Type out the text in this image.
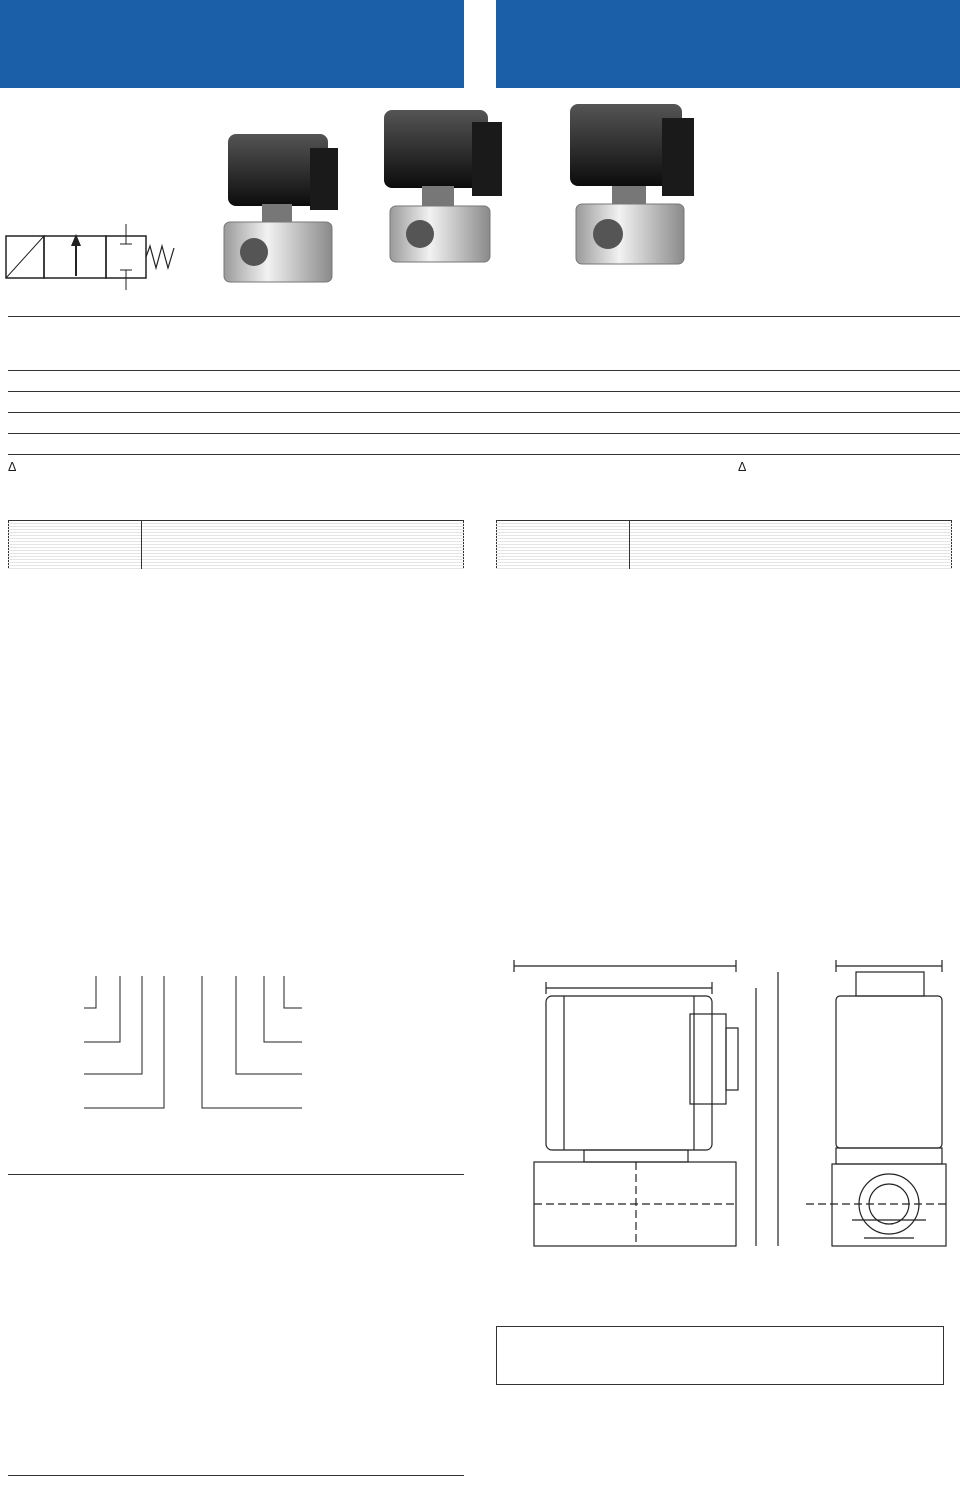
Δ	Δ
